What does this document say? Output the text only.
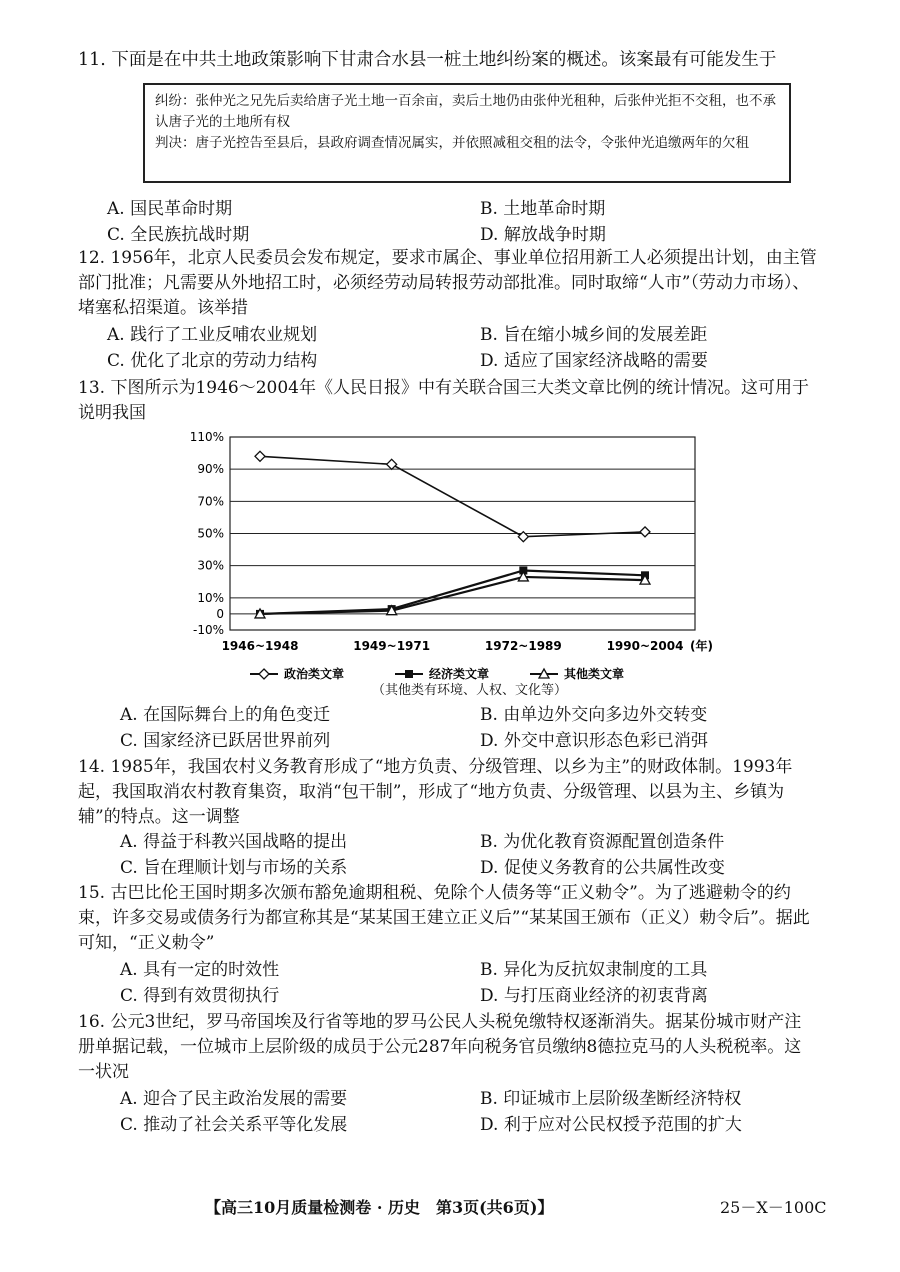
11. 下面是在中共土地政策影响下甘肃合水县一桩土地纠纷案的概述。该案最有可能发生于

纠纷：张仲光之兄先后卖给唐子光土地一百余亩，卖后土地仍由张仲光租种，后张仲光拒不交租，也不承认唐子光的土地所有权

判决：唐子光控告至县后，县政府调查情况属实，并依照减租交租的法令，令张仲光追缴两年的欠租

A. 国民革命时期	B. 土地革命时期
C. 全民族抗战时期	D. 解放战争时期
12. 1956年，北京人民委员会发布规定，要求市属企、事业单位招用新工人必须提出计划，由主管部门批准；凡需要从外地招工时，必须经劳动局转报劳动部批准。同时取缔“人市”（劳动力市场）、堵塞私招渠道。该举措
A. 践行了工业反哺农业规划	B. 旨在缩小城乡间的发展差距
C. 优化了北京的劳动力结构	D. 适应了国家经济战略的需要
13. 下图所示为1946～2004年《人民日报》中有关联合国三大类文章比例的统计情况。这可用于说明我国
110%
90%
70%
50%
30%
10%
0
-10%
1946~1948	1949~1971	1972~1989	1990~2004 (年)
政治类文章	经济类文章	其他类文章
（其他类有环境、人权、文化等）
A. 在国际舞台上的角色变迁	B. 由单边外交向多边外交转变
C. 国家经济已跃居世界前列	D. 外交中意识形态色彩已消弭
14. 1985年，我国农村义务教育形成了“地方负责、分级管理、以乡为主”的财政体制。1993年起，我国取消农村教育集资，取消“包干制”，形成了“地方负责、分级管理、以县为主、乡镇为辅”的特点。这一调整
A. 得益于科教兴国战略的提出	B. 为优化教育资源配置创造条件
C. 旨在理顺计划与市场的关系	D. 促使义务教育的公共属性改变
15. 古巴比伦王国时期多次颁布豁免逾期租税、免除个人债务等“正义勅令”。为了逃避勅令的约束，许多交易或债务行为都宣称其是“某某国王建立正义后”“某某国王颁布（正义）勅令后”。据此可知，“正义勅令”
A. 具有一定的时效性	B. 异化为反抗奴隶制度的工具
C. 得到有效贯彻执行	D. 与打压商业经济的初衷背离
16. 公元3世纪，罗马帝国埃及行省等地的罗马公民人头税免缴特权逐渐消失。据某份城市财产注册单据记载，一位城市上层阶级的成员于公元287年向税务官员缴纳8德拉克马的人头税税率。这一状况
A. 迎合了民主政治发展的需要	B. 印证城市上层阶级垄断经济特权
C. 推动了社会关系平等化发展	D. 利于应对公民权授予范围的扩大
【高三10月质量检测卷 · 历史　第3页(共6页)】	25－X－100C
